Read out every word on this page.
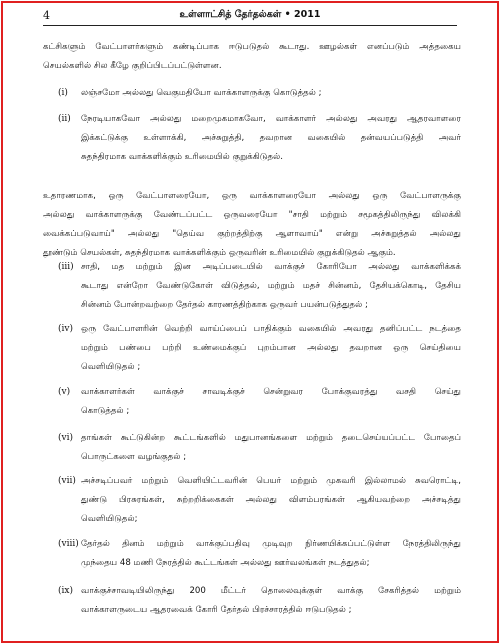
4	உள்ளாட்சித் தேர்தல்கள் • 2011
கட்சிகளும் வேட்பாளர்களும் கண்டிப்பாக ஈடுபடுதல் கூடாது. ஊழல்கள் எனப்படும் அத்தகைய
செயல்களில் சில கீழே குறிப்பிடப்பட்டுள்ளன.
(i) லஞ்சமோ அல்லது வெகுமதியோ வாக்காளருக்கு கொடுத்தல் ;
(ii) நேரடியாகவோ அல்லது மறைமுகமாகவோ, வாக்காளர் அல்லது அவரது ஆதரவாளரை
இக்கட்டுக்கு உள்ளாக்கி, அச்சுறுத்தி, தவறான வகையில் தன்வயப்படுத்தி அவர்
சுதந்திரமாக வாக்களிக்கும் உரிமையில் குறுக்கிடுதல்.
உதாரணமாக, ஒரு வேட்பாளரையோ, ஒரு வாக்காளரையோ அல்லது ஒரு வேட்பாளருக்கு
அல்லது வாக்காளருக்கு வேண்டப்பட்ட ஒருவரையோ "சாதி மற்றும் சமூகத்திலிருந்து விலக்கி
வைக்கப்படுவாய்" அல்லது "தெய்வ குற்றத்திற்கு ஆளாவாய்" என்று அச்சுறுத்தல் அல்லது
தூண்டும் செயல்கள், சுதந்திரமாக வாக்களிக்கும் ஒருவரின் உரிமையில் குறுக்கிடுதல் ஆகும்.
(iii) சாதி, மத மற்றும் இன அடிப்படையில் வாக்குச் கோரியோ அல்லது வாக்களிக்கக்
கூடாது என்றோ வேண்டுகோள் விடுத்தல், மற்றும் மதச் சின்னம், தேசியக்கொடி, தேசிய
சின்னம் போன்றவற்றை தேர்தல் காரணத்திற்காக ஒருவர் பயன்படுத்துதல் ;
(iv) ஒரு வேட்பாளரின் வெற்றி வாய்ப்பைப் பாதிக்கும் வகையில் அவரது தனிப்பட்ட நடத்தை
மற்றும் பண்பை பற்றி உண்மைக்குப் புறம்பான அல்லது தவறான ஒரு செய்தியை
வெளியிடுதல் ;
(v) வாக்காளர்கள் வாக்குச் சாவடிக்குச் சென்றுவர போக்குவரத்து வசதி செய்து
கொடுத்தல் ;
(vi) தாங்கள் கூட்டுகின்ற கூட்டங்களில் மதுபானங்களை மற்றும் தடைசெய்யப்பட்ட போதைப்
பொருட்களை வழங்குதல் ;
(vii) அச்சடிப்பவர் மற்றும் வெளியிட்டவரின் பெயர் மற்றும் முகவரி இல்லாமல் சுவரொட்டி,
துண்டு பிரசுரங்கள், சுற்றறிக்கைகள் அல்லது விளம்பரங்கள் ஆகியவற்றை அச்சடித்து
வெளியிடுதல்;
(viii) தேர்தல் தினம் மற்றும் வாக்குப்பதிவு முடிவுற நிர்ணயிக்கப்பட்டுள்ள நேரத்திலிருந்து
முந்தைய 48 மணி நேரத்தில் கூட்டங்கள் அல்லது ஊர்வலங்கள் நடத்துதல்;
(ix) வாக்குச்சாவடியிலிருந்து 200 மீட்டர் தொலைவுக்குள் வாக்கு சேகரித்தல் மற்றும்
வாக்காளருடைய ஆதரவைக் கோரி தேர்தல் பிரச்சாரத்தில் ஈடுபடுதல் ;
